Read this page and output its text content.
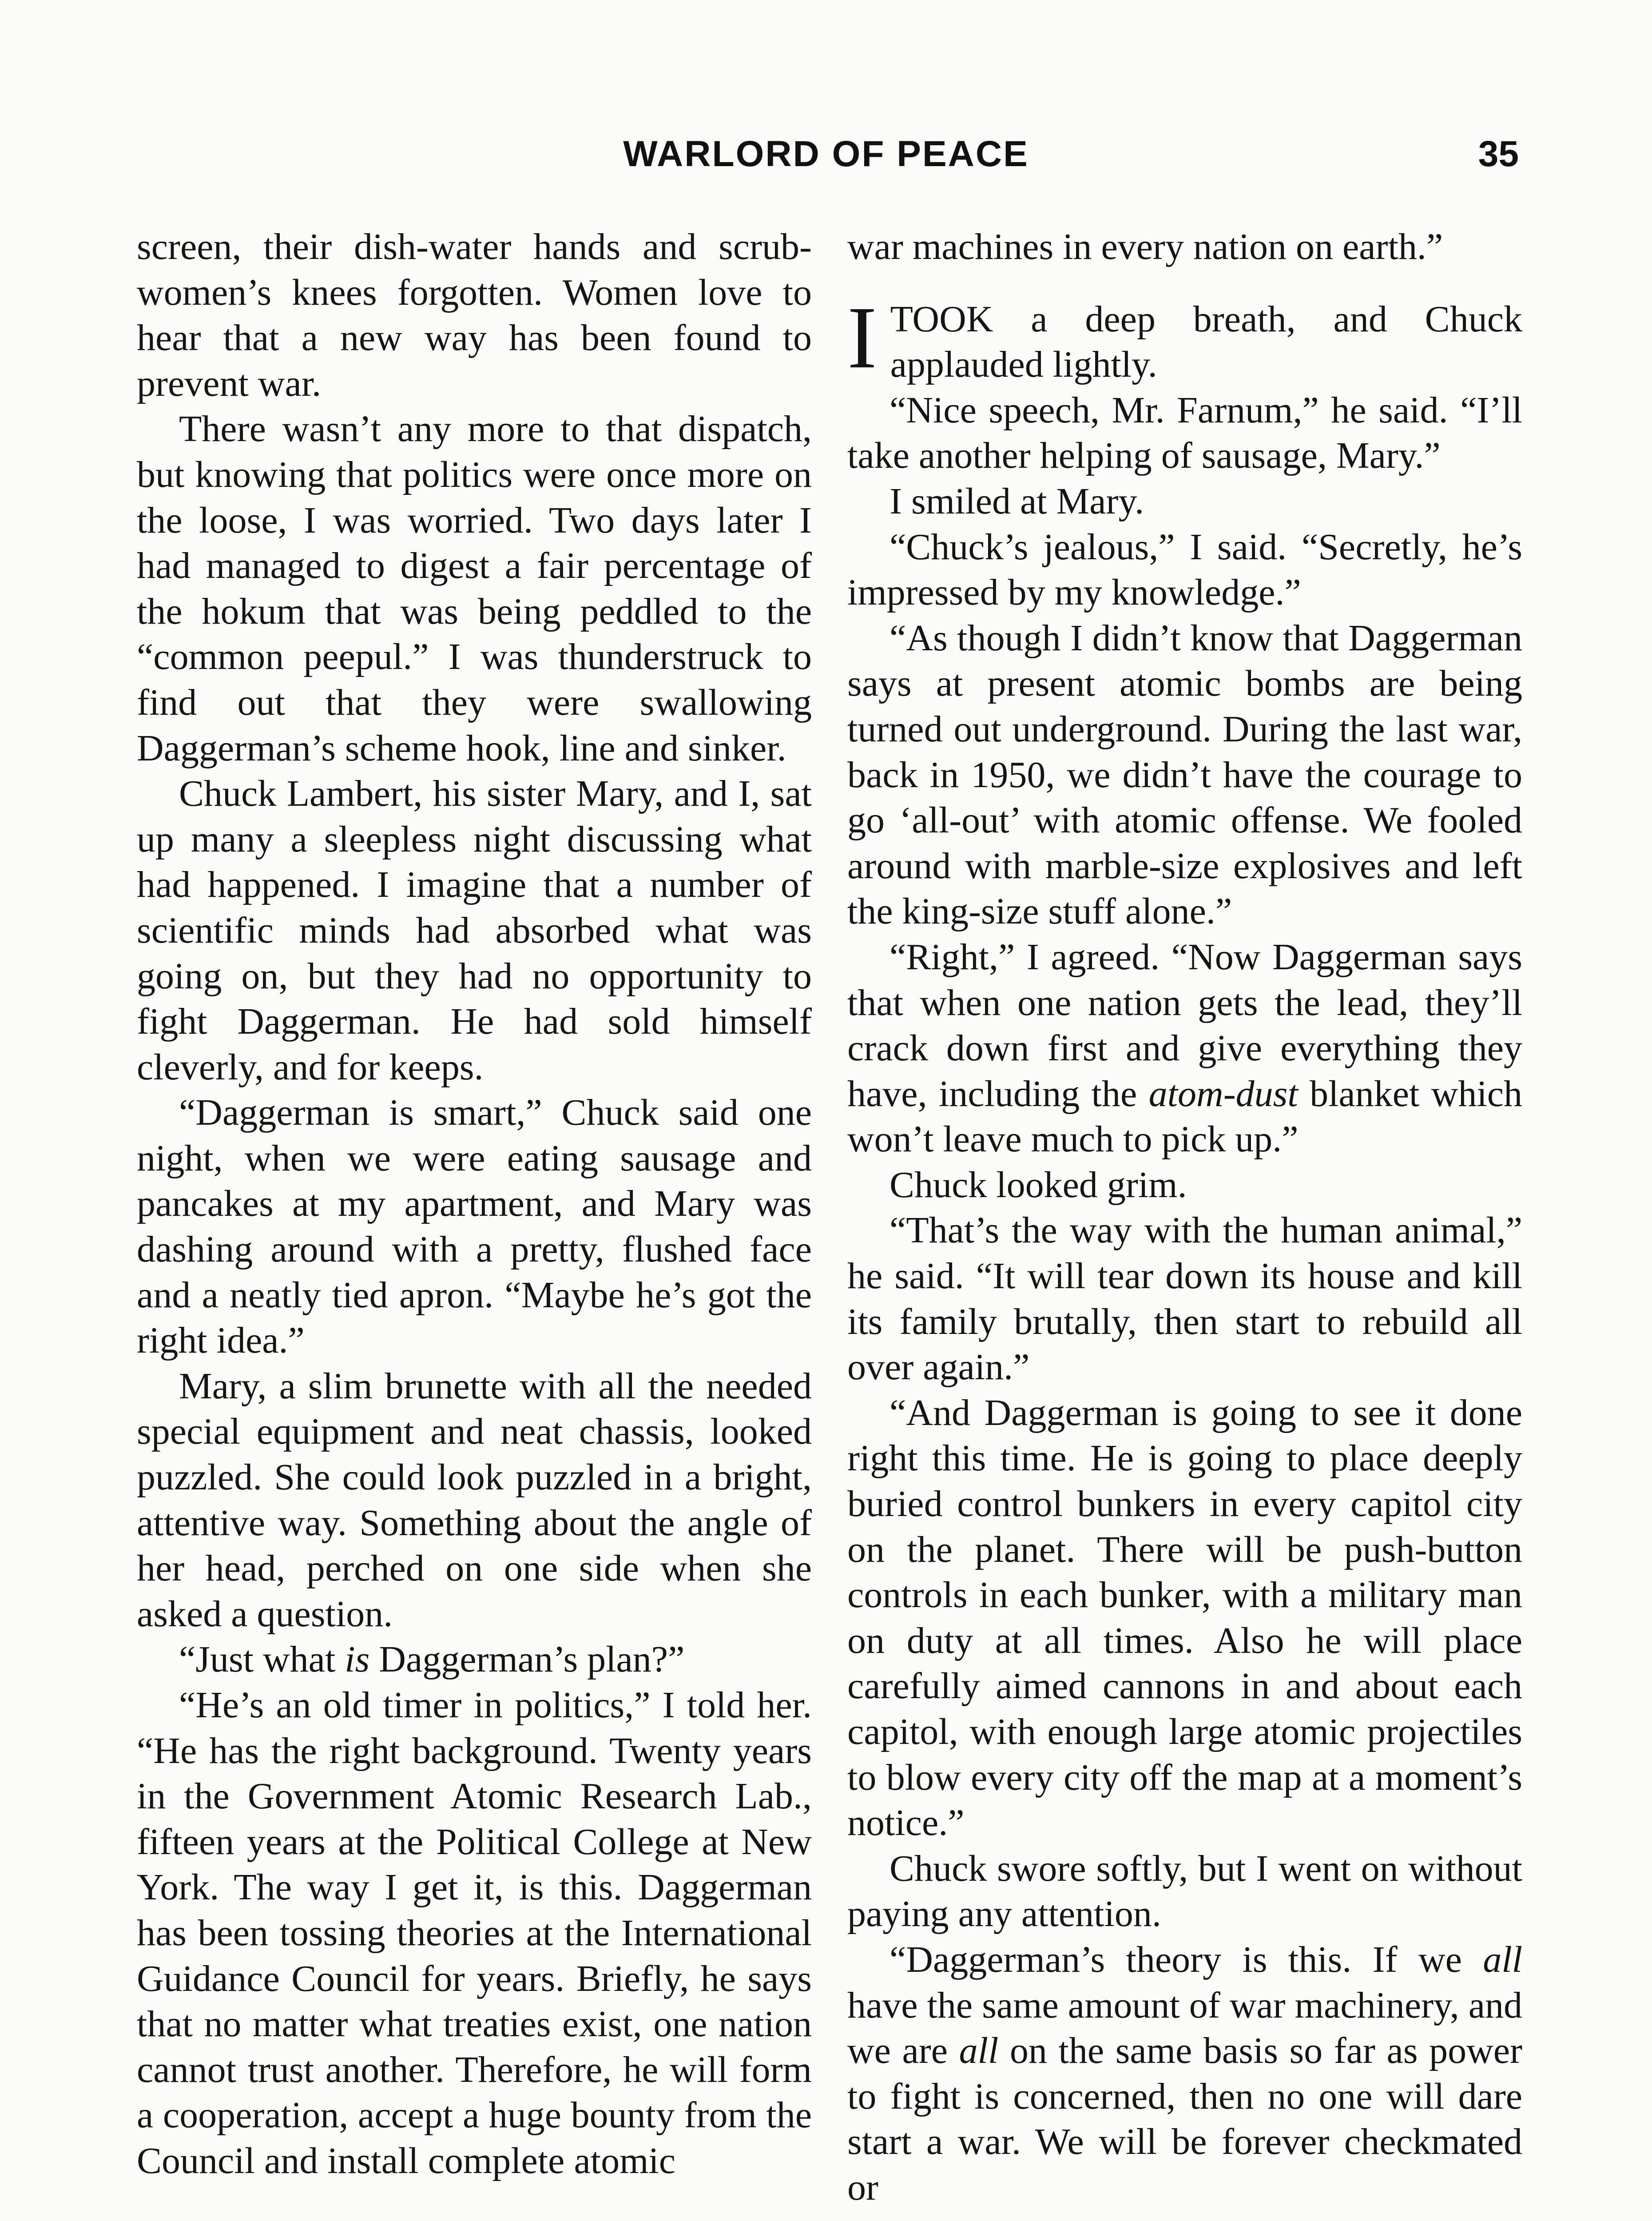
WARLORD OF PEACE	35

screen, their dish-water hands and scrub-women’s knees forgotten. Women love to hear that a new way has been found to prevent war.

There wasn’t any more to that dispatch, but knowing that politics were once more on the loose, I was worried. Two days later I had managed to digest a fair percentage of the hokum that was being peddled to the “common peepul.” I was thunderstruck to find out that they were swallowing Daggerman’s scheme hook, line and sinker.

Chuck Lambert, his sister Mary, and I, sat up many a sleepless night discussing what had happened. I imagine that a number of scientific minds had absorbed what was going on, but they had no opportunity to fight Daggerman. He had sold himself cleverly, and for keeps.

“Daggerman is smart,” Chuck said one night, when we were eating sausage and pancakes at my apartment, and Mary was dashing around with a pretty, flushed face and a neatly tied apron. “Maybe he’s got the right idea.”

Mary, a slim brunette with all the needed special equipment and neat chassis, looked puzzled. She could look puzzled in a bright, attentive way. Something about the angle of her head, perched on one side when she asked a question.

“Just what is Daggerman’s plan?”

“He’s an old timer in politics,” I told her. “He has the right background. Twenty years in the Government Atomic Research Lab., fifteen years at the Political College at New York. The way I get it, is this. Daggerman has been tossing theories at the International Guidance Council for years. Briefly, he says that no matter what treaties exist, one nation cannot trust another. Therefore, he will form a cooperation, accept a huge bounty from the Council and install complete atomic

war machines in every nation on earth.”

ITOOK a deep breath, and Chuck applauded lightly.

“Nice speech, Mr. Farnum,” he said. “I’ll take another helping of sausage, Mary.”

I smiled at Mary.

“Chuck’s jealous,” I said. “Secretly, he’s impressed by my knowledge.”

“As though I didn’t know that Daggerman says at present atomic bombs are being turned out underground. During the last war, back in 1950, we didn’t have the courage to go ‘all-out’ with atomic offense. We fooled around with marble-size explosives and left the king-size stuff alone.”

“Right,” I agreed. “Now Daggerman says that when one nation gets the lead, they’ll crack down first and give everything they have, including the atom-dust blanket which won’t leave much to pick up.”

Chuck looked grim.

“That’s the way with the human animal,” he said. “It will tear down its house and kill its family brutally, then start to rebuild all over again.”

“And Daggerman is going to see it done right this time. He is going to place deeply buried control bunkers in every capitol city on the planet. There will be push-button controls in each bunker, with a military man on duty at all times. Also he will place carefully aimed cannons in and about each capitol, with enough large atomic projectiles to blow every city off the map at a moment’s notice.”

Chuck swore softly, but I went on without paying any attention.

“Daggerman’s theory is this. If we all have the same amount of war machinery, and we are all on the same basis so far as power to fight is concerned, then no one will dare start a war. We will be forever checkmated or
